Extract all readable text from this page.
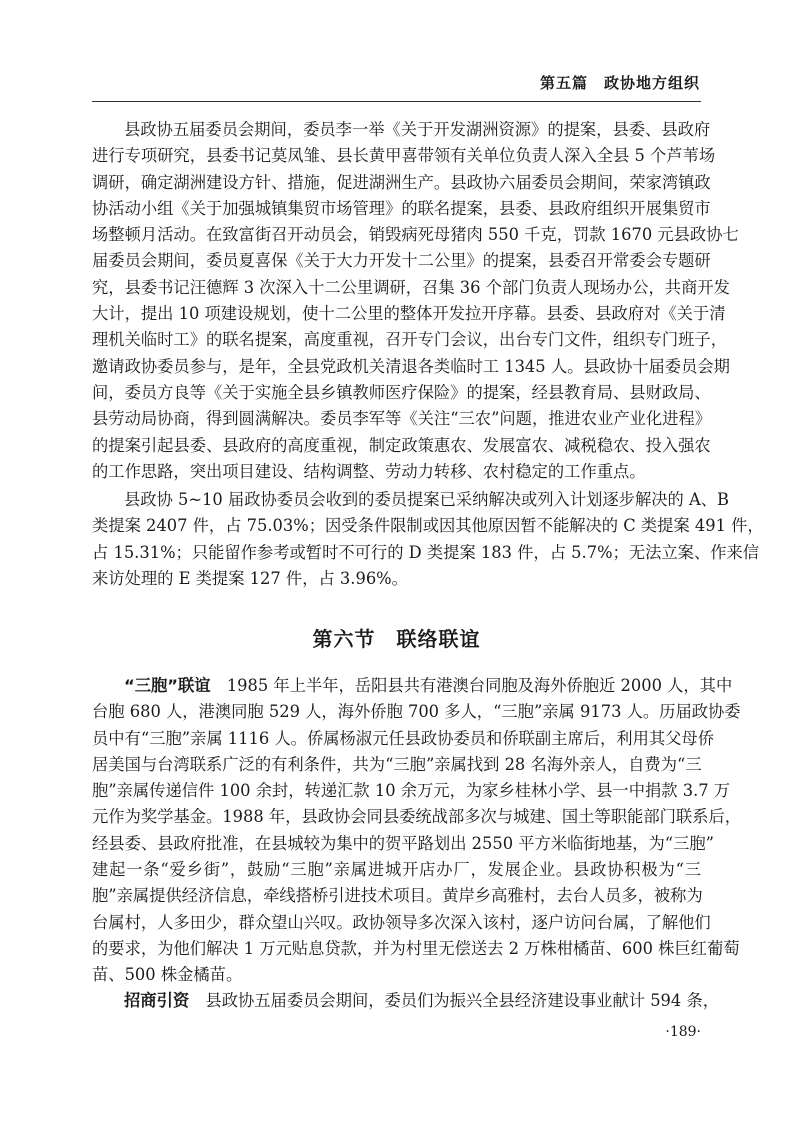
第五篇　政协地方组织
县政协五届委员会期间，委员李一举《关于开发湖洲资源》的提案，县委、县政府
进行专项研究，县委书记莫凤雏、县长黄甲喜带领有关单位负责人深入全县 5 个芦苇场
调研，确定湖洲建设方针、措施，促进湖洲生产。县政协六届委员会期间，荣家湾镇政
协活动小组《关于加强城镇集贸市场管理》的联名提案，县委、县政府组织开展集贸市
场整顿月活动。在致富街召开动员会，销毁病死母猪肉 550 千克，罚款 1670 元县政协七
届委员会期间，委员夏喜保《关于大力开发十二公里》的提案，县委召开常委会专题研
究，县委书记汪德辉 3 次深入十二公里调研，召集 36 个部门负责人现场办公，共商开发
大计，提出 10 项建设规划，使十二公里的整体开发拉开序幕。县委、县政府对《关于清
理机关临时工》的联名提案，高度重视，召开专门会议，出台专门文件，组织专门班子，
邀请政协委员参与，是年，全县党政机关清退各类临时工 1345 人。县政协十届委员会期
间，委员方良等《关于实施全县乡镇教师医疗保险》的提案，经县教育局、县财政局、
县劳动局协商，得到圆满解决。委员李军等《关注“三农”问题，推进农业产业化进程》
的提案引起县委、县政府的高度重视，制定政策惠农、发展富农、减税稳农、投入强农
的工作思路，突出项目建设、结构调整、劳动力转移、农村稳定的工作重点。
县政协 5~10 届政协委员会收到的委员提案已采纳解决或列入计划逐步解决的 A、B
类提案 2407 件，占 75.03%；因受条件限制或因其他原因暂不能解决的 C 类提案 491 件，
占 15.31%；只能留作参考或暂时不可行的 D 类提案 183 件，占 5.7%；无法立案、作来信
来访处理的 E 类提案 127 件，占 3.96%。
第六节　联络联谊
“三胞”联谊　1985 年上半年，岳阳县共有港澳台同胞及海外侨胞近 2000 人，其中
台胞 680 人，港澳同胞 529 人，海外侨胞 700 多人，“三胞”亲属 9173 人。历届政协委
员中有“三胞”亲属 1116 人。侨属杨淑元任县政协委员和侨联副主席后，利用其父母侨
居美国与台湾联系广泛的有利条件，共为“三胞”亲属找到 28 名海外亲人，自费为“三
胞”亲属传递信件 100 余封，转递汇款 10 余万元，为家乡桂林小学、县一中捐款 3.7 万
元作为奖学基金。1988 年，县政协会同县委统战部多次与城建、国土等职能部门联系后，
经县委、县政府批准，在县城较为集中的贺平路划出 2550 平方米临街地基，为“三胞”
建起一条“爱乡街”，鼓励“三胞”亲属进城开店办厂，发展企业。县政协积极为“三
胞”亲属提供经济信息，牵线搭桥引进技术项目。黄岸乡高雅村，去台人员多，被称为
台属村，人多田少，群众望山兴叹。政协领导多次深入该村，逐户访问台属，了解他们
的要求，为他们解决 1 万元贴息贷款，并为村里无偿送去 2 万株柑橘苗、600 株巨红葡萄
苗、500 株金橘苗。
招商引资　县政协五届委员会期间，委员们为振兴全县经济建设事业献计 594 条，
·189·
